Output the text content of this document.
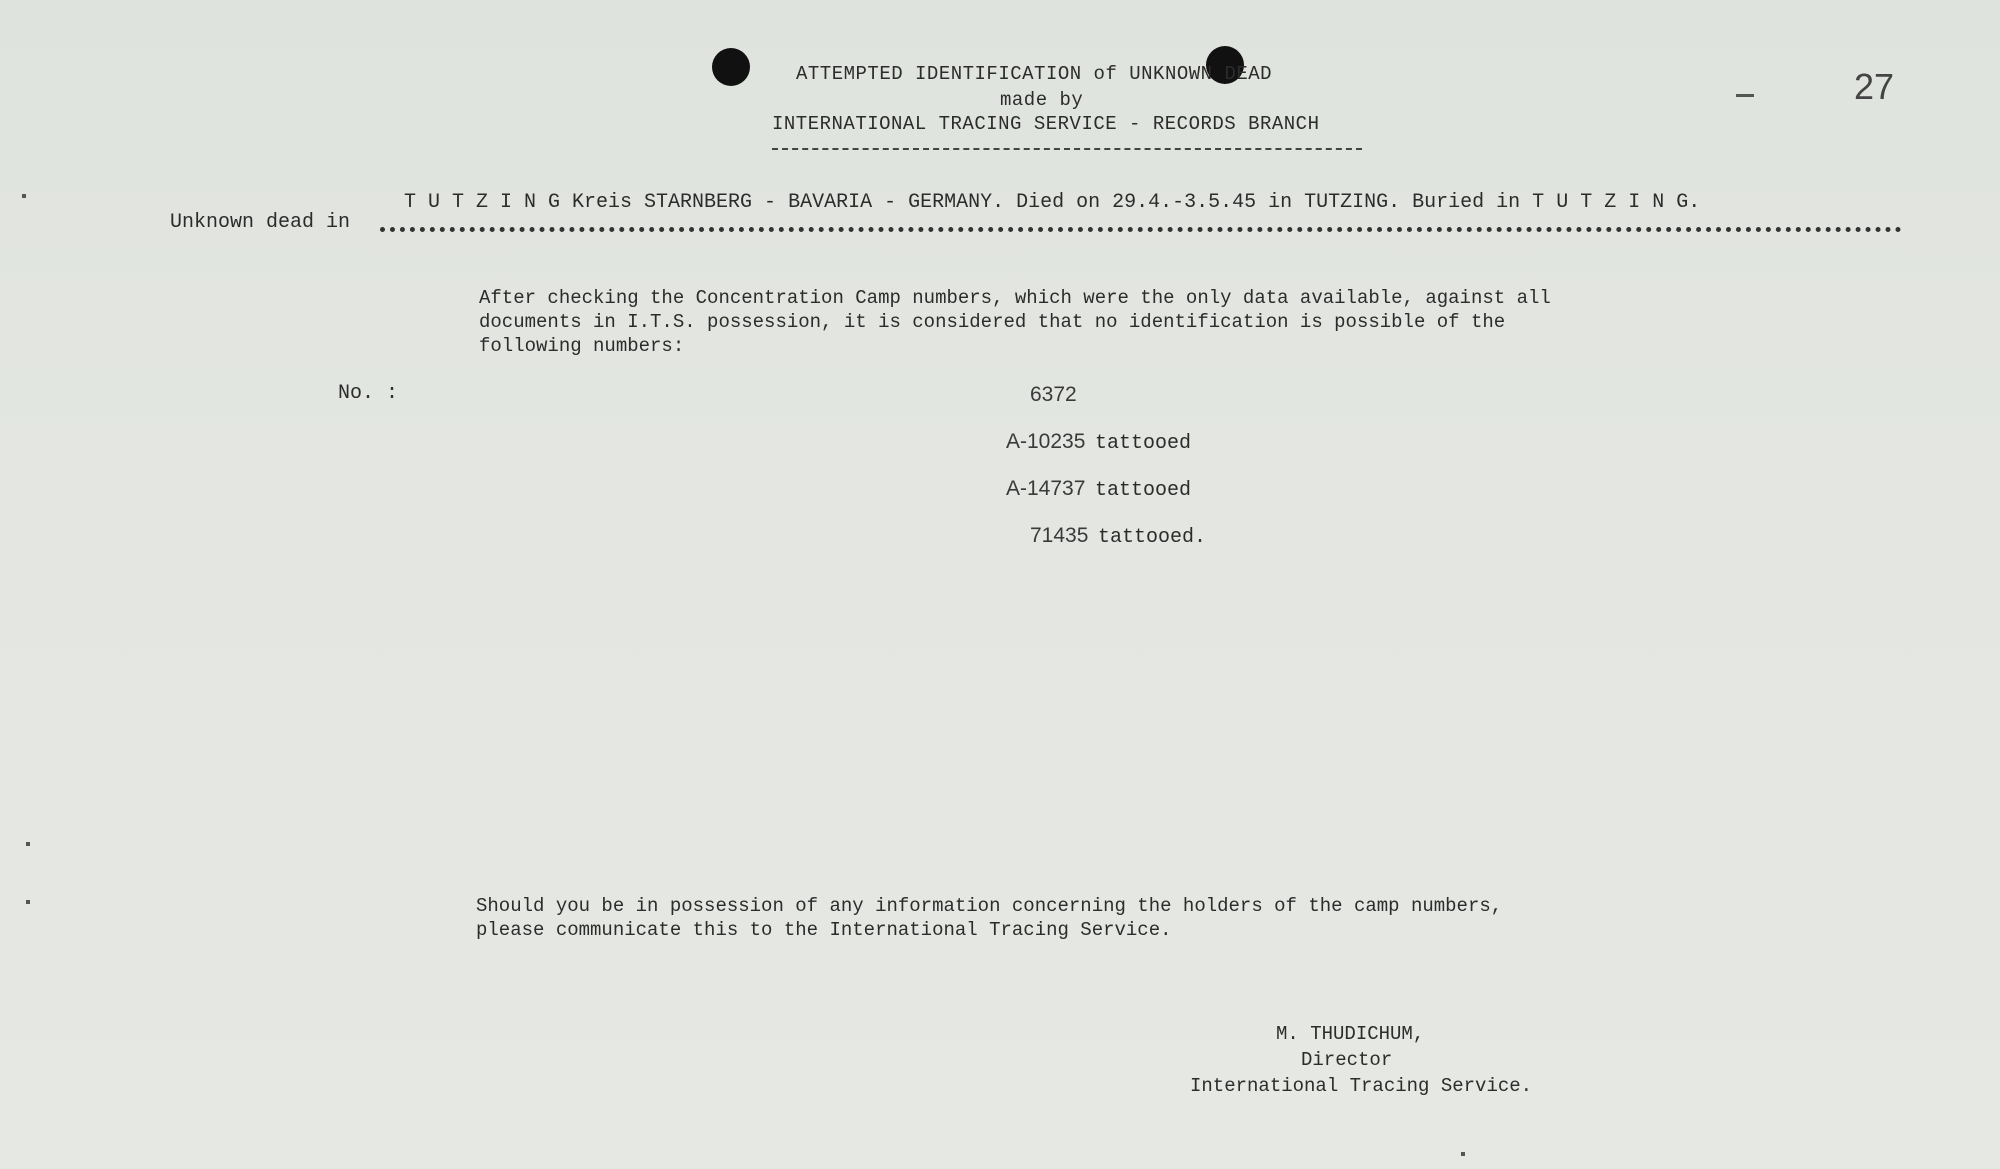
ATTEMPTED IDENTIFICATION of UNKNOWN DEAD
made by
INTERNATIONAL TRACING SERVICE - RECORDS BRANCH
27
T U T Z I N G Kreis STARNBERG - BAVARIA - GERMANY. Died on 29.4.-3.5.45 in TUTZING. Buried in T U T Z I N G.
Unknown dead in
After checking the Concentration Camp numbers, which were the only data available, against all
documents in I.T.S. possession, it is considered that no identification is possible of the
following numbers:
No. :	6372
A-10235 tattooed
A-14737 tattooed
71435 tattooed.
Should you be in possession of any information concerning the holders of the camp numbers,
please communicate this to the International Tracing Service.
M. THUDICHUM,
Director
International Tracing Service.
